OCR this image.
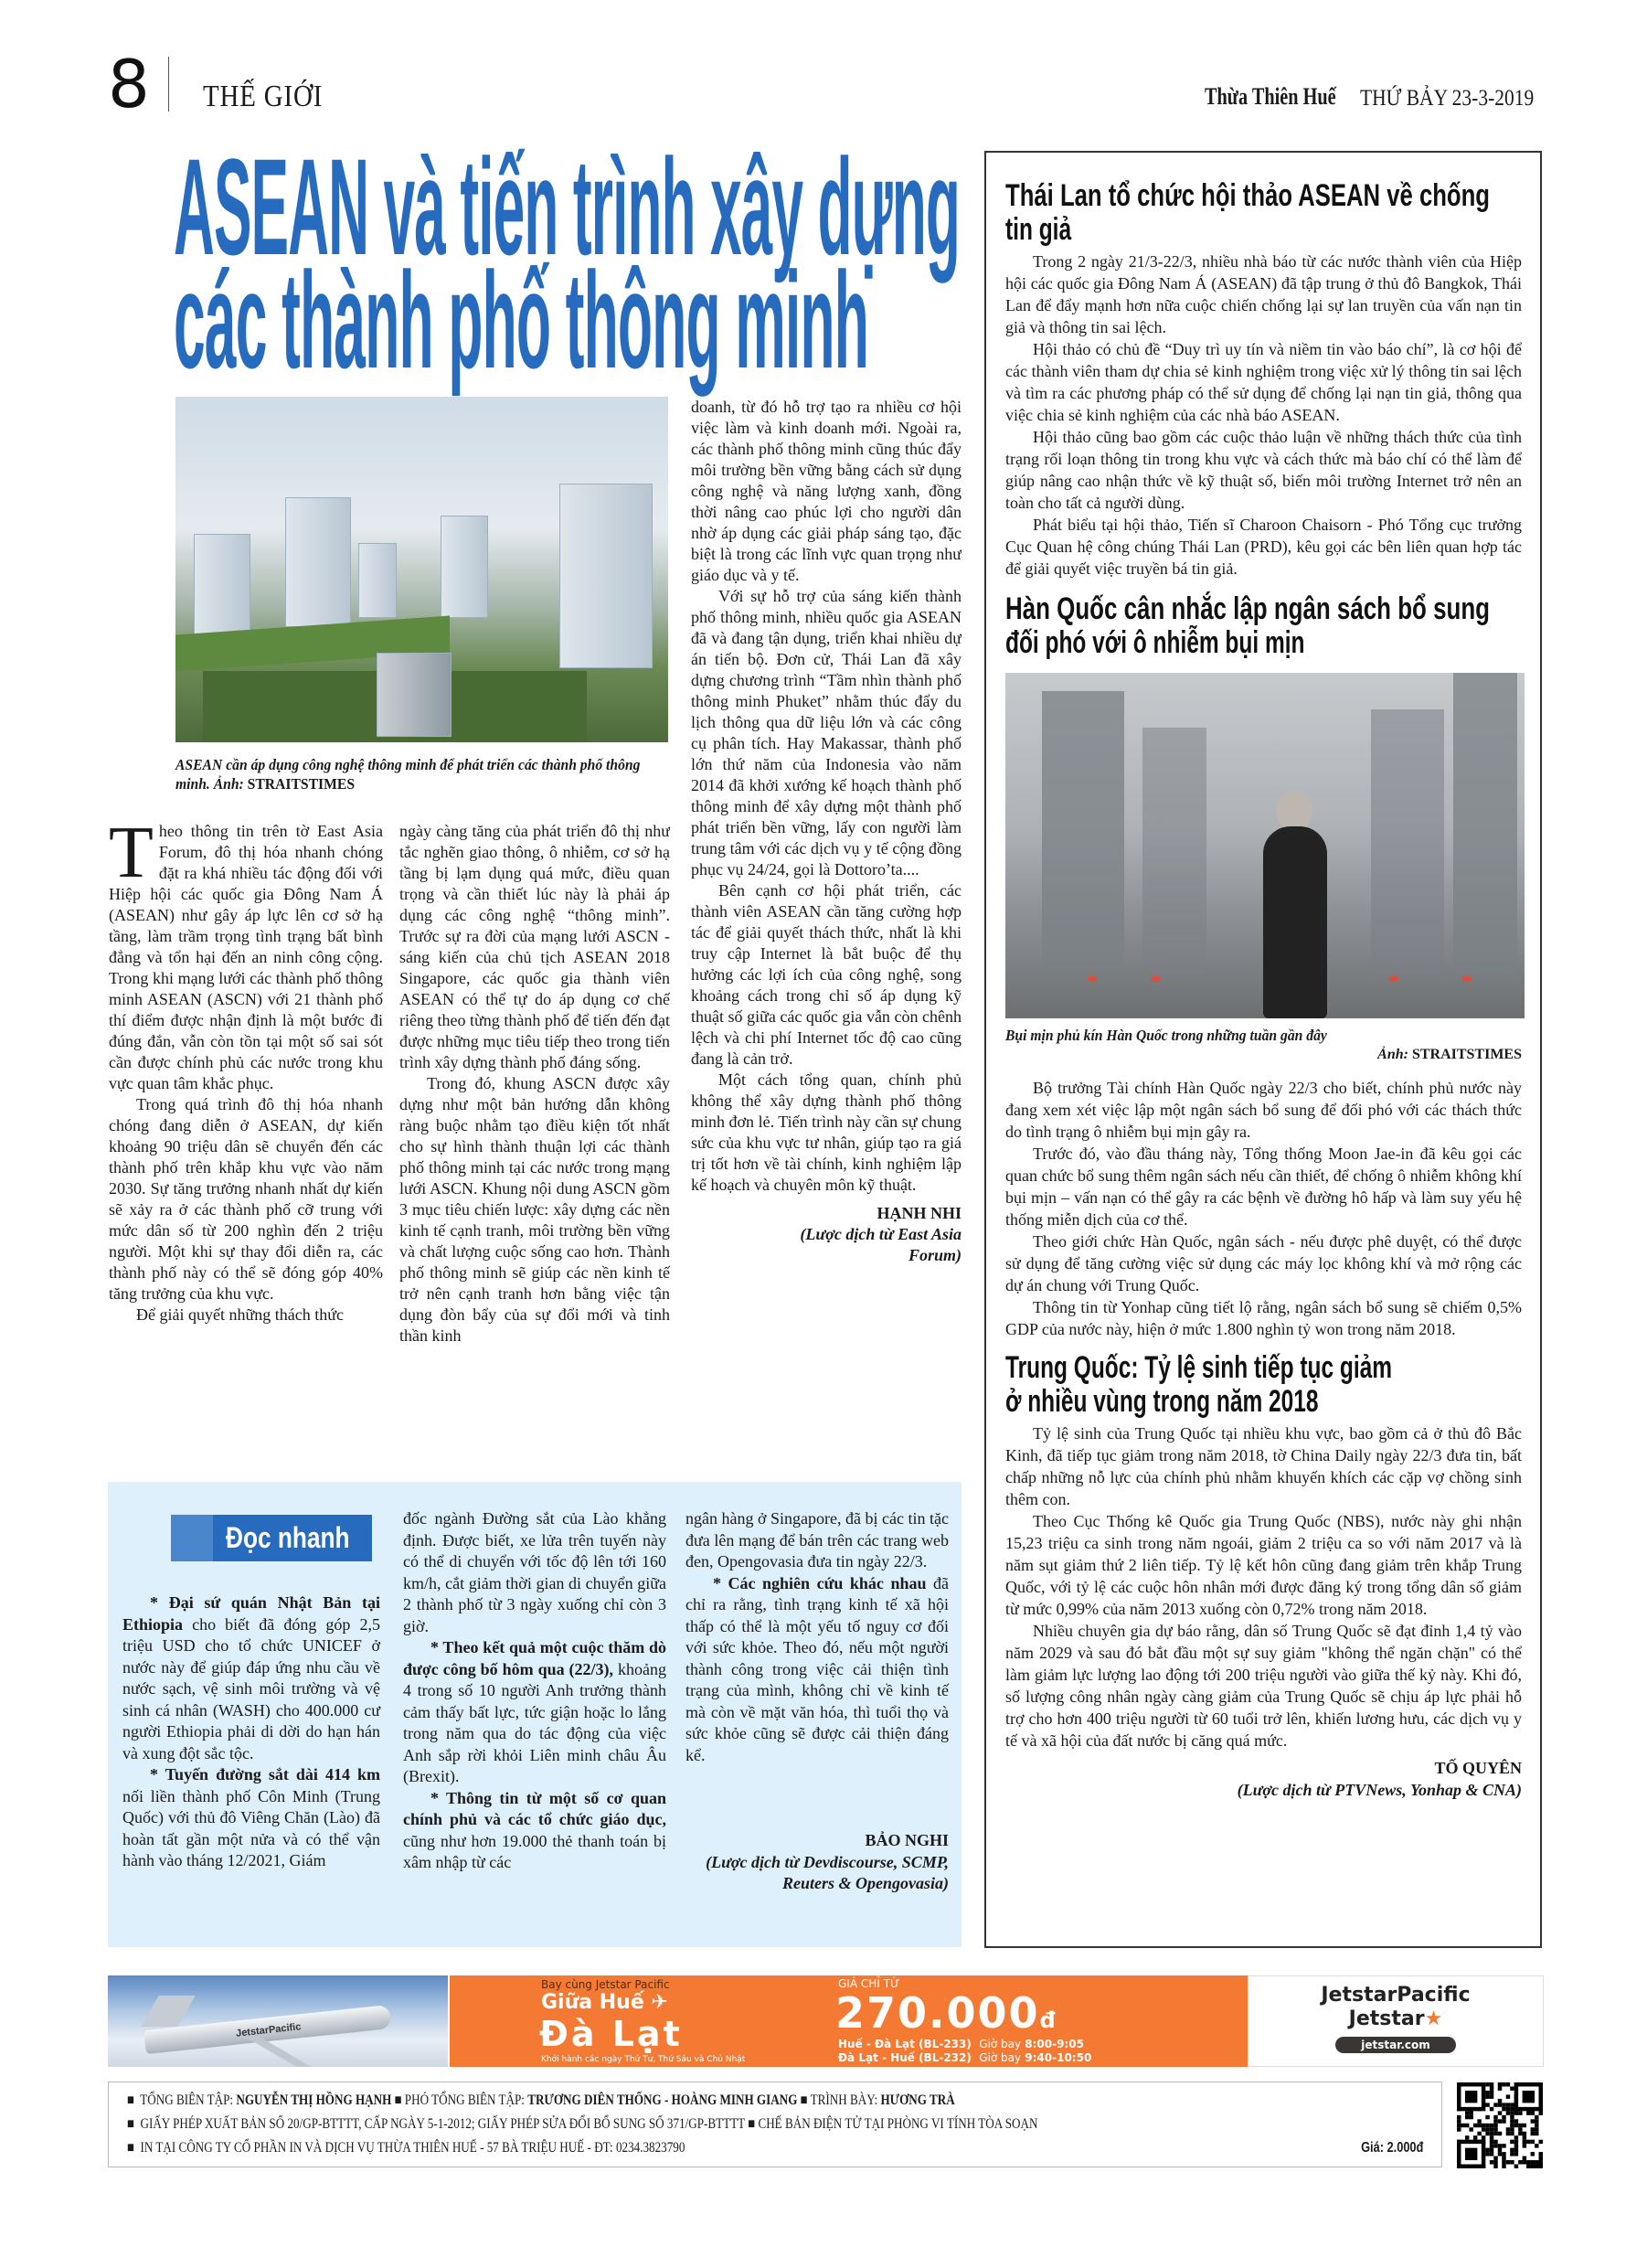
8 THẾ GIỚI	Thừa Thiên Huế THỨ BẢY 23-3-2019
ASEAN và tiến trình xây dựng
các thành phố thông minh
ASEAN cần áp dụng công nghệ thông minh để phát triển các thành phố thông minh. Ảnh: STRAITSTIMES

Theo thông tin trên tờ East Asia Forum, đô thị hóa nhanh chóng đặt ra khá nhiều tác động đối với Hiệp hội các quốc gia Đông Nam Á (ASEAN) như gây áp lực lên cơ sở hạ tầng, làm trầm trọng tình trạng bất bình đẳng và tổn hại đến an ninh công cộng. Trong khi mạng lưới các thành phố thông minh ASEAN (ASCN) với 21 thành phố thí điểm được nhận định là một bước đi đúng đắn, vẫn còn tồn tại một số sai sót cần được chính phủ các nước trong khu vực quan tâm khắc phục.

Trong quá trình đô thị hóa nhanh chóng đang diễn ở ASEAN, dự kiến khoảng 90 triệu dân sẽ chuyển đến các thành phố trên khắp khu vực vào năm 2030. Sự tăng trưởng nhanh nhất dự kiến sẽ xảy ra ở các thành phố cỡ trung với mức dân số từ 200 nghìn đến 2 triệu người. Một khi sự thay đổi diễn ra, các thành phố này có thể sẽ đóng góp 40% tăng trưởng của khu vực.

Để giải quyết những thách thức

ngày càng tăng của phát triển đô thị như tắc nghẽn giao thông, ô nhiễm, cơ sở hạ tầng bị lạm dụng quá mức, điều quan trọng và cần thiết lúc này là phải áp dụng các công nghệ “thông minh”. Trước sự ra đời của mạng lưới ASCN - sáng kiến của chủ tịch ASEAN 2018 Singapore, các quốc gia thành viên ASEAN có thể tự do áp dụng cơ chế riêng theo từng thành phố để tiến đến đạt được những mục tiêu tiếp theo trong tiến trình xây dựng thành phố đáng sống.

Trong đó, khung ASCN được xây dựng như một bản hướng dẫn không ràng buộc nhằm tạo điều kiện tốt nhất cho sự hình thành thuận lợi các thành phố thông minh tại các nước trong mạng lưới ASCN. Khung nội dung ASCN gồm 3 mục tiêu chiến lược: xây dựng các nền kinh tế cạnh tranh, môi trường bền vững và chất lượng cuộc sống cao hơn. Thành phố thông minh sẽ giúp các nền kinh tế trở nên cạnh tranh hơn bằng việc tận dụng đòn bẩy của sự đổi mới và tinh thần kinh

doanh, từ đó hỗ trợ tạo ra nhiều cơ hội việc làm và kinh doanh mới. Ngoài ra, các thành phố thông minh cũng thúc đẩy môi trường bền vững bằng cách sử dụng công nghệ và năng lượng xanh, đồng thời nâng cao phúc lợi cho người dân nhờ áp dụng các giải pháp sáng tạo, đặc biệt là trong các lĩnh vực quan trọng như giáo dục và y tế.

Với sự hỗ trợ của sáng kiến thành phố thông minh, nhiều quốc gia ASEAN đã và đang tận dụng, triển khai nhiều dự án tiến bộ. Đơn cử, Thái Lan đã xây dựng chương trình “Tầm nhìn thành phố thông minh Phuket” nhằm thúc đẩy du lịch thông qua dữ liệu lớn và các công cụ phân tích. Hay Makassar, thành phố lớn thứ năm của Indonesia vào năm 2014 đã khởi xướng kế hoạch thành phố thông minh để xây dựng một thành phố phát triển bền vững, lấy con người làm trung tâm với các dịch vụ y tế cộng đồng phục vụ 24/24, gọi là Dottoro’ta....

Bên cạnh cơ hội phát triển, các thành viên ASEAN cần tăng cường hợp tác để giải quyết thách thức, nhất là khi truy cập Internet là bắt buộc để thụ hưởng các lợi ích của công nghệ, song khoảng cách trong chỉ số áp dụng kỹ thuật số giữa các quốc gia vẫn còn chênh lệch và chi phí Internet tốc độ cao cũng đang là cản trở.

Một cách tổng quan, chính phủ không thể xây dựng thành phố thông minh đơn lẻ. Tiến trình này cần sự chung sức của khu vực tư nhân, giúp tạo ra giá trị tốt hơn về tài chính, kinh nghiệm lập kế hoạch và chuyên môn kỹ thuật.

HẠNH NHI
(Lược dịch từ East Asia Forum)
Thái Lan tổ chức hội thảo ASEAN về chống
tin giả

Trong 2 ngày 21/3-22/3, nhiều nhà báo từ các nước thành viên của Hiệp hội các quốc gia Đông Nam Á (ASEAN) đã tập trung ở thủ đô Bangkok, Thái Lan để đẩy mạnh hơn nữa cuộc chiến chống lại sự lan truyền của vấn nạn tin giả và thông tin sai lệch.

Hội thảo có chủ đề “Duy trì uy tín và niềm tin vào báo chí”, là cơ hội để các thành viên tham dự chia sẻ kinh nghiệm trong việc xử lý thông tin sai lệch và tìm ra các phương pháp có thể sử dụng để chống lại nạn tin giả, thông qua việc chia sẻ kinh nghiệm của các nhà báo ASEAN.

Hội thảo cũng bao gồm các cuộc thảo luận về những thách thức của tình trạng rối loạn thông tin trong khu vực và cách thức mà báo chí có thể làm để giúp nâng cao nhận thức về kỹ thuật số, biến môi trường Internet trở nên an toàn cho tất cả người dùng.

Phát biểu tại hội thảo, Tiến sĩ Charoon Chaisorn - Phó Tổng cục trưởng Cục Quan hệ công chúng Thái Lan (PRD), kêu gọi các bên liên quan hợp tác để giải quyết việc truyền bá tin giả.

Hàn Quốc cân nhắc lập ngân sách bổ sung
đối phó với ô nhiễm bụi mịn
Bụi mịn phủ kín Hàn Quốc trong những tuần gần đây
Ảnh: STRAITSTIMES

Bộ trưởng Tài chính Hàn Quốc ngày 22/3 cho biết, chính phủ nước này đang xem xét việc lập một ngân sách bổ sung để đối phó với các thách thức do tình trạng ô nhiễm bụi mịn gây ra.

Trước đó, vào đầu tháng này, Tổng thống Moon Jae-in đã kêu gọi các quan chức bổ sung thêm ngân sách nếu cần thiết, để chống ô nhiễm không khí bụi mịn – vấn nạn có thể gây ra các bệnh về đường hô hấp và làm suy yếu hệ thống miễn dịch của cơ thể.

Theo giới chức Hàn Quốc, ngân sách - nếu được phê duyệt, có thể được sử dụng để tăng cường việc sử dụng các máy lọc không khí và mở rộng các dự án chung với Trung Quốc.

Thông tin từ Yonhap cũng tiết lộ rằng, ngân sách bổ sung sẽ chiếm 0,5% GDP của nước này, hiện ở mức 1.800 nghìn tỷ won trong năm 2018.

Trung Quốc: Tỷ lệ sinh tiếp tục giảm
ở nhiều vùng trong năm 2018

Tỷ lệ sinh của Trung Quốc tại nhiều khu vực, bao gồm cả ở thủ đô Bắc Kinh, đã tiếp tục giảm trong năm 2018, tờ China Daily ngày 22/3 đưa tin, bất chấp những nỗ lực của chính phủ nhằm khuyến khích các cặp vợ chồng sinh thêm con.

Theo Cục Thống kê Quốc gia Trung Quốc (NBS), nước này ghi nhận 15,23 triệu ca sinh trong năm ngoái, giảm 2 triệu ca so với năm 2017 và là năm sụt giảm thứ 2 liên tiếp. Tỷ lệ kết hôn cũng đang giảm trên khắp Trung Quốc, với tỷ lệ các cuộc hôn nhân mới được đăng ký trong tổng dân số giảm từ mức 0,99% của năm 2013 xuống còn 0,72% trong năm 2018.

Nhiều chuyên gia dự báo rằng, dân số Trung Quốc sẽ đạt đỉnh 1,4 tỷ vào năm 2029 và sau đó bắt đầu một sự suy giảm "không thể ngăn chặn" có thể làm giảm lực lượng lao động tới 200 triệu người vào giữa thế kỷ này. Khi đó, số lượng công nhân ngày càng giảm của Trung Quốc sẽ chịu áp lực phải hỗ trợ cho hơn 400 triệu người từ 60 tuổi trở lên, khiến lương hưu, các dịch vụ y tế và xã hội của đất nước bị căng quá mức.

TỐ QUYÊN
(Lược dịch từ PTVNews, Yonhap & CNA)
Đọc nhanh

* Đại sứ quán Nhật Bản tại Ethiopia cho biết đã đóng góp 2,5 triệu USD cho tổ chức UNICEF ở nước này để giúp đáp ứng nhu cầu về nước sạch, vệ sinh môi trường và vệ sinh cá nhân (WASH) cho 400.000 cư người Ethiopia phải di dời do hạn hán và xung đột sắc tộc.

* Tuyến đường sắt dài 414 km nối liền thành phố Côn Minh (Trung Quốc) với thủ đô Viêng Chăn (Lào) đã hoàn tất gần một nửa và có thể vận hành vào tháng 12/2021, Giám

đốc ngành Đường sắt của Lào khẳng định. Được biết, xe lửa trên tuyến này có thể di chuyển với tốc độ lên tới 160 km/h, cắt giảm thời gian di chuyển giữa 2 thành phố từ 3 ngày xuống chỉ còn 3 giờ.

* Theo kết quả một cuộc thăm dò được công bố hôm qua (22/3), khoảng 4 trong số 10 người Anh trưởng thành cảm thấy bất lực, tức giận hoặc lo lắng trong năm qua do tác động của việc Anh sắp rời khỏi Liên minh châu Âu (Brexit).

* Thông tin từ một số cơ quan chính phủ và các tổ chức giáo dục, cũng như hơn 19.000 thẻ thanh toán bị xâm nhập từ các

ngân hàng ở Singapore, đã bị các tin tặc đưa lên mạng để bán trên các trang web đen, Opengovasia đưa tin ngày 22/3.

* Các nghiên cứu khác nhau đã chỉ ra rằng, tình trạng kinh tế xã hội thấp có thể là một yếu tố nguy cơ đối với sức khỏe. Theo đó, nếu một người thành công trong việc cải thiện tình trạng của mình, không chỉ về kinh tế mà còn về mặt văn hóa, thì tuổi thọ và sức khỏe cũng sẽ được cải thiện đáng kể.

BẢO NGHI
(Lược dịch từ Devdiscourse, SCMP, Reuters & Opengovasia)
JetstarPacific
Bay cùng Jetstar Pacific
Giữa Huế ✈
Đà Lạt
Khởi hành các ngày Thứ Tư, Thứ Sáu và Chủ Nhật
GIÁ CHỈ TỪ
270.000đ
Huế - Đà Lạt (BL-233) Giờ bay 8:00-9:05
Đà Lạt - Huế (BL-232) Giờ bay 9:40-10:50
JetstarPacific
Jetstar★
jetstar.com
■ TỔNG BIÊN TẬP: NGUYỄN THỊ HỒNG HẠNH ■ PHÓ TỔNG BIÊN TẬP: TRƯƠNG DIÊN THỐNG - HOÀNG MINH GIANG ■ TRÌNH BÀY: HƯƠNG TRÀ
■ GIẤY PHÉP XUẤT BẢN SỐ 20/GP-BTTTT, CẤP NGÀY 5-1-2012; GIẤY PHÉP SỬA ĐỔI BỔ SUNG SỐ 371/GP-BTTTT ■ CHẾ BẢN ĐIỆN TỬ TẠI PHÒNG VI TÍNH TÒA SOẠN
■ IN TẠI CÔNG TY CỔ PHẦN IN VÀ DỊCH VỤ THỪA THIÊN HUẾ - 57 BÀ TRIỆU HUẾ - ĐT: 0234.3823790	Giá: 2.000đ
